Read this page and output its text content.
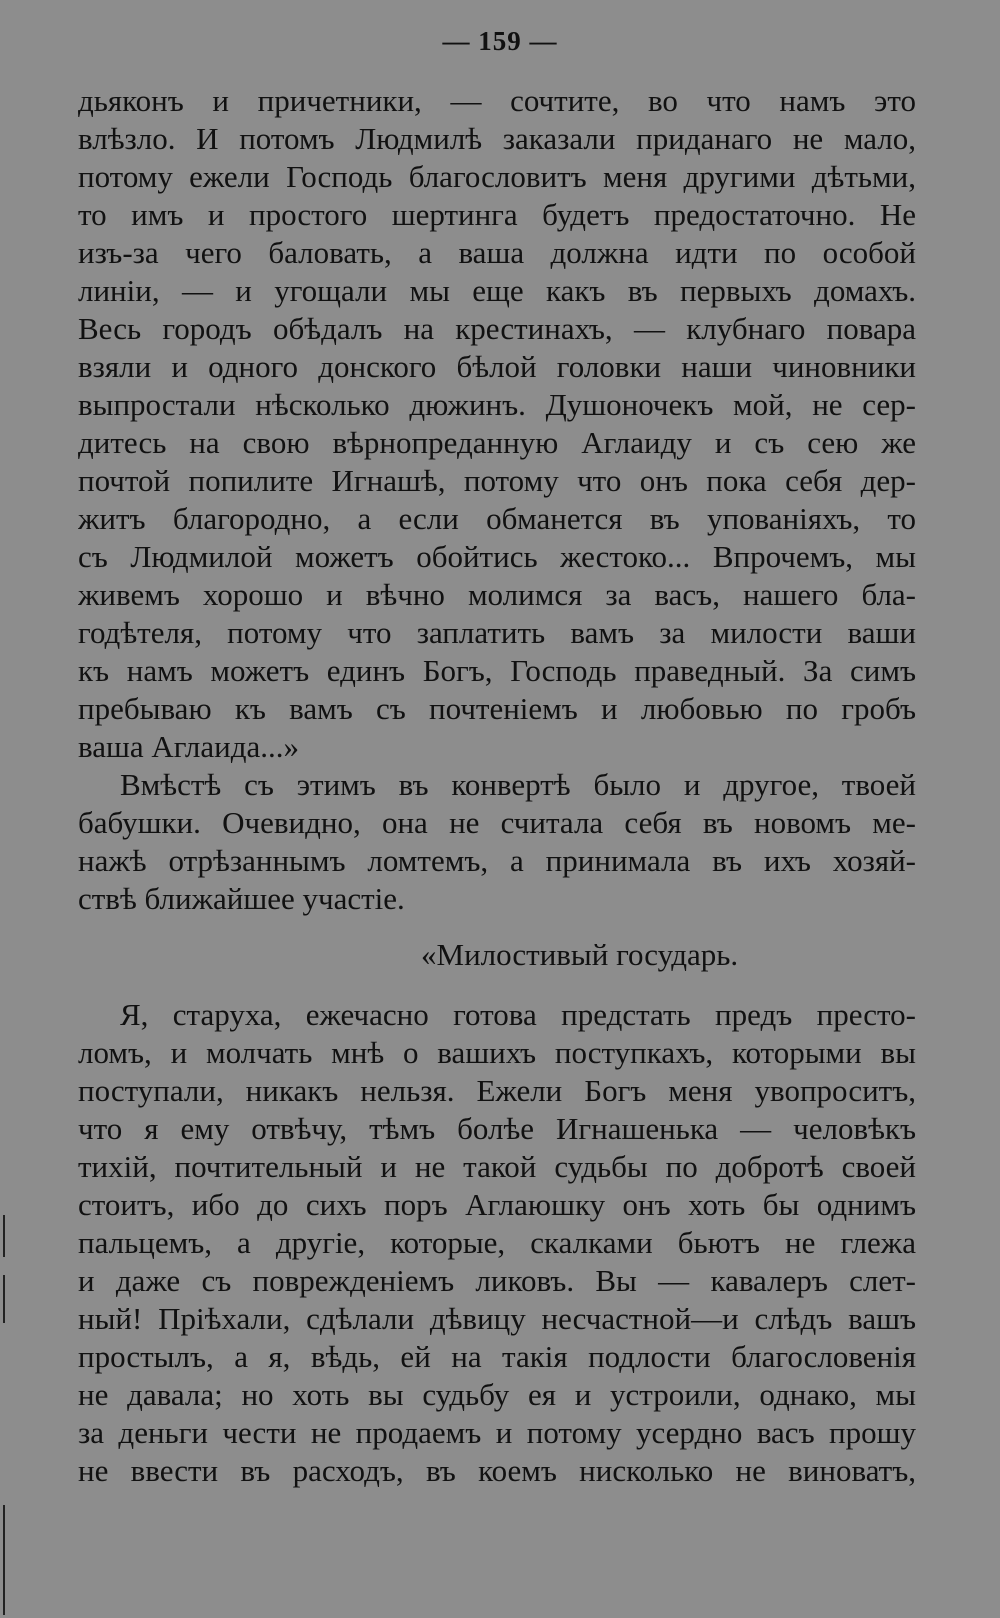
— 159 —
дьяконъ и причетники, — сочтите, во что намъ это
влѣзло. И потомъ Людмилѣ заказали приданаго не мало,
потому ежели Господь благословитъ меня другими дѣтьми,
то имъ и простого шертинга будетъ предостаточно. Не
изъ-за чего баловать, а ваша должна идти по особой
линіи, — и угощали мы еще какъ въ первыхъ домахъ.
Весь городъ обѣдалъ на крестинахъ, — клубнаго повара
взяли и одного донского бѣлой головки наши чиновники
выпростали нѣсколько дюжинъ. Душоночекъ мой, не сер-
дитесь на свою вѣрнопреданную Аглаиду и съ сею же
почтой попилите Игнашѣ, потому что онъ пока себя дер-
житъ благородно, а если обманется въ упованіяхъ, то
съ Людмилой можетъ обойтись жестоко... Впрочемъ, мы
живемъ хорошо и вѣчно молимся за васъ, нашего бла-
годѣтеля, потому что заплатить вамъ за милости ваши
къ намъ можетъ единъ Богъ, Господь праведный. За симъ
пребываю къ вамъ съ почтеніемъ и любовью по гробъ
ваша Аглаида...»
Вмѣстѣ съ этимъ въ конвертѣ было и другое, твоей
бабушки. Очевидно, она не считала себя въ новомъ ме-
нажѣ отрѣзаннымъ ломтемъ, а принимала въ ихъ хозяй-
ствѣ ближайшее участіе.
«Милостивый государь.
Я, старуха, ежечасно готова предстать предъ престо-
ломъ, и молчать мнѣ о вашихъ поступкахъ, которыми вы
поступали, никакъ нельзя. Ежели Богъ меня увопроситъ,
что я ему отвѣчу, тѣмъ болѣе Игнашенька — человѣкъ
тихій, почтительный и не такой судьбы по добротѣ своей
стоитъ, ибо до сихъ поръ Аглаюшку онъ хоть бы однимъ
пальцемъ, а другіе, которые, скалками бьютъ не глежа
и даже съ поврежденіемъ ликовъ. Вы — кавалеръ слет-
ный! Пріѣхали, сдѣлали дѣвицу несчастной—и слѣдъ вашъ
простылъ, а я, вѣдь, ей на такія подлости благословенія
не давала; но хоть вы судьбу ея и устроили, однако, мы
за деньги чести не продаемъ и потому усердно васъ прошу
не ввести въ расходъ, въ коемъ нисколько не виноватъ,
